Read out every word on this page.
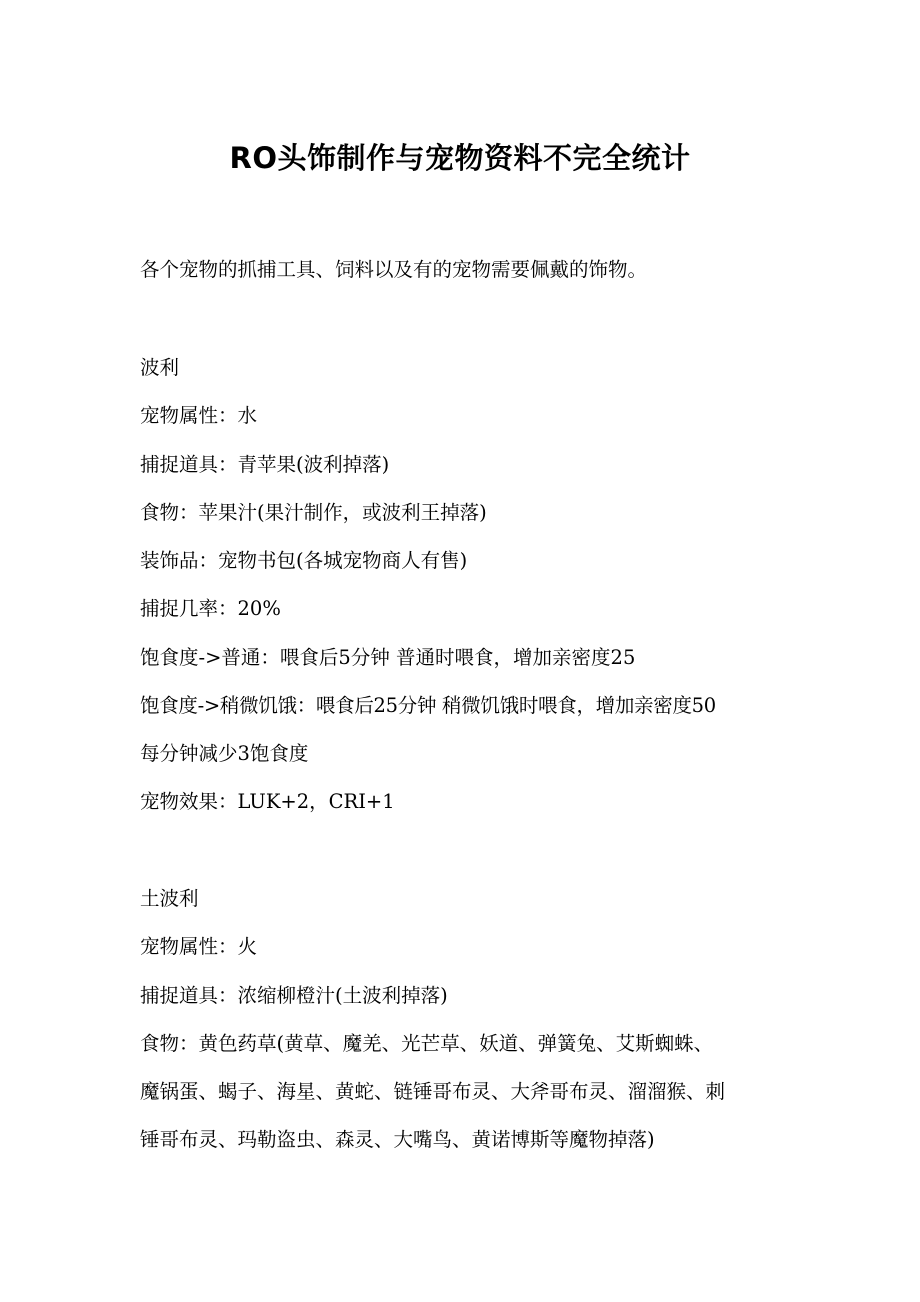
RO头饰制作与宠物资料不完全统计
各个宠物的抓捕工具、饲料以及有的宠物需要佩戴的饰物。
波利
宠物属性：水
捕捉道具：青苹果(波利掉落)
食物：苹果汁(果汁制作，或波利王掉落)
装饰品：宠物书包(各城宠物商人有售)
捕捉几率：20%
饱食度->普通：喂食后5分钟 普通时喂食，增加亲密度25
饱食度->稍微饥饿：喂食后25分钟 稍微饥饿时喂食，增加亲密度50
每分钟减少3饱食度
宠物效果：LUK+2，CRI+1
土波利
宠物属性：火
捕捉道具：浓缩柳橙汁(土波利掉落)
食物：黄色药草(黄草、魔羌、光芒草、妖道、弹簧兔、艾斯蜘蛛、
魔锅蛋、蝎子、海星、黄蛇、链锤哥布灵、大斧哥布灵、溜溜猴、刺
锤哥布灵、玛勒盗虫、森灵、大嘴鸟、黄诺博斯等魔物掉落)
